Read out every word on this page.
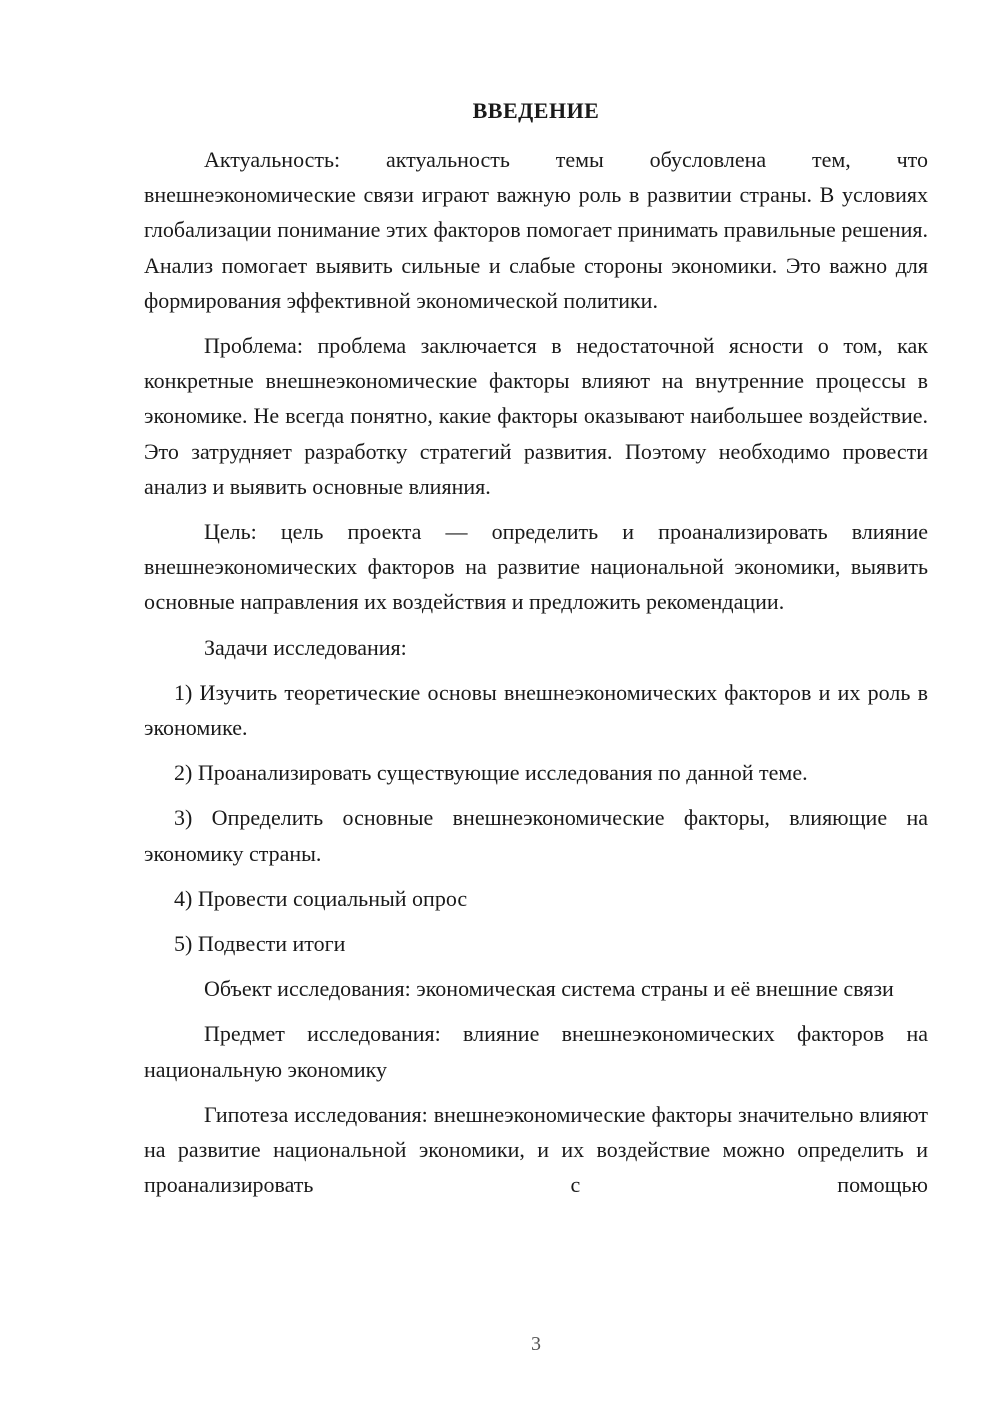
ВВЕДЕНИЕ

Актуальность: актуальность темы обусловлена тем, что внешнеэкономические связи играют важную роль в развитии страны. В условиях глобализации понимание этих факторов помогает принимать правильные решения. Анализ помогает выявить сильные и слабые стороны экономики. Это важно для формирования эффективной экономической политики.

Проблема: проблема заключается в недостаточной ясности о том, как конкретные внешнеэкономические факторы влияют на внутренние процессы в экономике. Не всегда понятно, какие факторы оказывают наибольшее воздействие. Это затрудняет разработку стратегий развития. Поэтому необходимо провести анализ и выявить основные влияния.

Цель: цель проекта — определить и проанализировать влияние внешнеэкономических факторов на развитие национальной экономики, выявить основные направления их воздействия и предложить рекомендации.

Задачи исследования:

1) Изучить теоретические основы внешнеэкономических факторов и их роль в экономике.

2) Проанализировать существующие исследования по данной теме.

3) Определить основные внешнеэкономические факторы, влияющие на экономику страны.

4) Провести социальный опрос

5) Подвести итоги

Объект исследования: экономическая система страны и её внешние связи

Предмет исследования: влияние внешнеэкономических факторов на национальную экономику

Гипотеза исследования: внешнеэкономические факторы значительно влияют на развитие национальной экономики, и их воздействие можно определить и проанализировать с помощью

3
